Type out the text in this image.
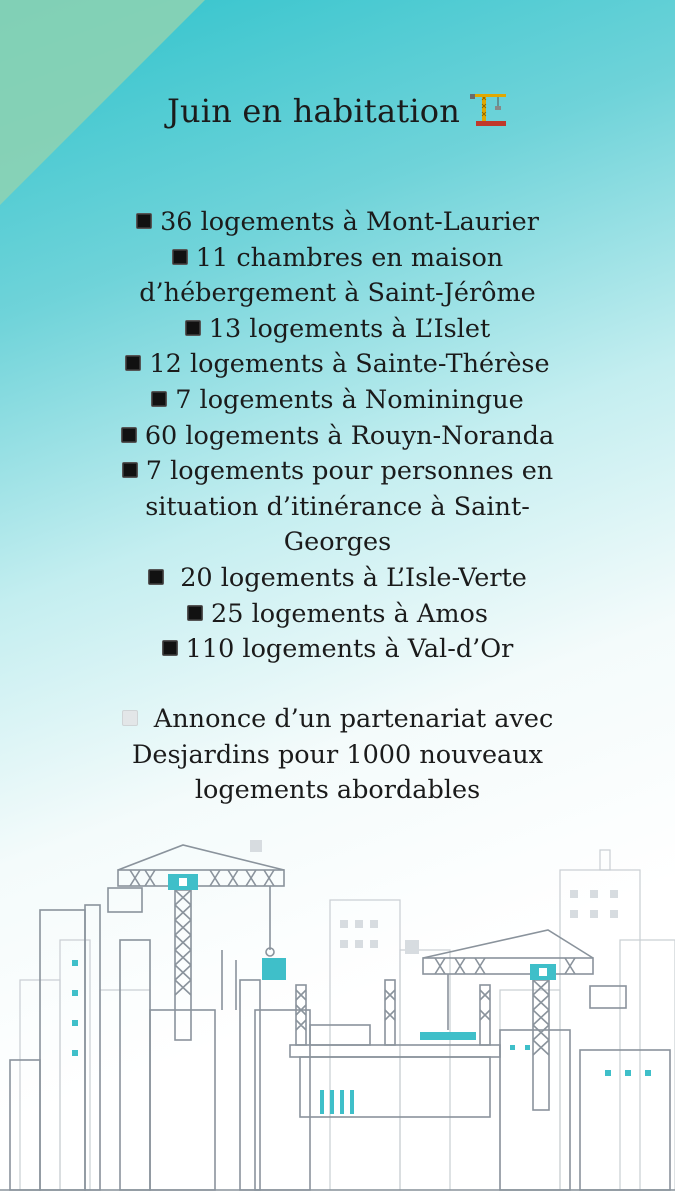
Juin en habitation
36 logements à Mont-Laurier
11 chambres en maison d’hébergement à Saint-Jérôme
13 logements à L’Islet
12 logements à Sainte-Thérèse
7 logements à Nominingue
60 logements à Rouyn-Noranda
7 logements pour personnes en situation d’itinérance à Saint-Georges
20 logements à L’Isle-Verte
25 logements à Amos
110 logements à Val-d’Or
Annonce d’un partenariat avec Desjardins pour 1000 nouveaux logements abordables
